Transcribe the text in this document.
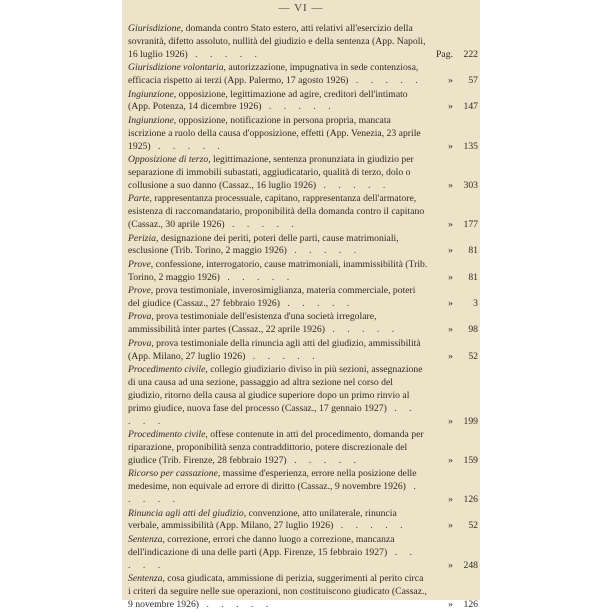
— VI —
Giurisdizione, domanda contro Stato estero, atti relativi all'esercizio della sovranità, difetto assoluto, nullità del giudizio e della sentenza (App. Napoli, 16 luglio 1926) . . . . .	Pag.	222
Giurisdizione volontaria, autorizzazione, impugnativa in sede contenziosa, efficacia rispetto ai terzi (App. Palermo, 17 agosto 1926) . . . . .	»	57
Ingiunzione, opposizione, legittimazione ad agire, creditori dell'intimato (App. Potenza, 14 dicembre 1926) . . . . .	»	147
Ingiunzione, opposizione, notificazione in persona propria, mancata iscrizione a ruolo della causa d'opposizione, effetti (App. Venezia, 23 aprile 1925) . . . . .	»	135
Opposizione di terzo, legittimazione, sentenza pronunziata in giudizio per separazione di immobili subastati, aggiudicatario, qualità di terzo, dolo o collusione a suo danno (Cassaz., 16 luglio 1926) . . . . .	»	303
Parte, rappresentanza processuale, capitano, rappresentanza dell'armatore, esistenza di raccomandatario, proponibilità della domanda contro il capitano (Cassaz., 30 aprile 1926) . . . . .	»	177
Perizia, designazione dei periti, poteri delle parti, cause matrimoniali, esclusione (Trib. Torino, 2 maggio 1926) . . . . .	»	81
Prove, confessione, interrogatorio, cause matrimoniali, inammissibilità (Trib. Torino, 2 maggio 1926) . . . . .	»	81
Prove, prova testimoniale, inverosimiglianza, materia commerciale, poteri del giudice (Cassaz., 27 febbraio 1926) . . . . .	»	3
Prova, prova testimoniale dell'esistenza d'una società irregolare, ammissibilità inter partes (Cassaz., 22 aprile 1926) . . . . .	»	98
Prova, prova testimoniale della rinuncia agli atti del giudizio, ammissibilità (App. Milano, 27 luglio 1926) . . . . .	»	52
Procedimento civile, collegio giudiziario diviso in più sezioni, assegnazione di una causa ad una sezione, passaggio ad altra sezione nel corso del giudizio, ritorno della causa al giudice superiore dopo un primo rinvio al primo giudice, nuova fase del processo (Cassaz., 17 gennaio 1927) . . . . .	»	199
Procedimento civile, offese contenute in atti del procedimento, domanda per riparazione, proponibilità senza contraddittorio, potere discrezionale del giudice (Trib. Firenze, 28 febbraio 1927) . . . . .	»	159
Ricorso per cassazione, massime d'esperienza, errore nella posizione delle medesime, non equivale ad errore di diritto (Cassaz., 9 novembre 1926) . . . . .	»	126
Rinuncia agli atti del giudizio, convenzione, atto unilaterale, rinuncia verbale, ammissibilità (App. Milano, 27 luglio 1926) . . . . .	»	52
Sentenza, correzione, errori che danno luogo a correzione, mancanza dell'indicazione di una delle parti (App. Firenze, 15 febbraio 1927) . . . . .	»	248
Sentenza, cosa giudicata, ammissione di perizia, suggerimenti al perito circa i criteri da seguire nelle sue operazioni, non costituiscono giudicato (Cassaz., 9 novembre 1926) . . . . .	»	126
